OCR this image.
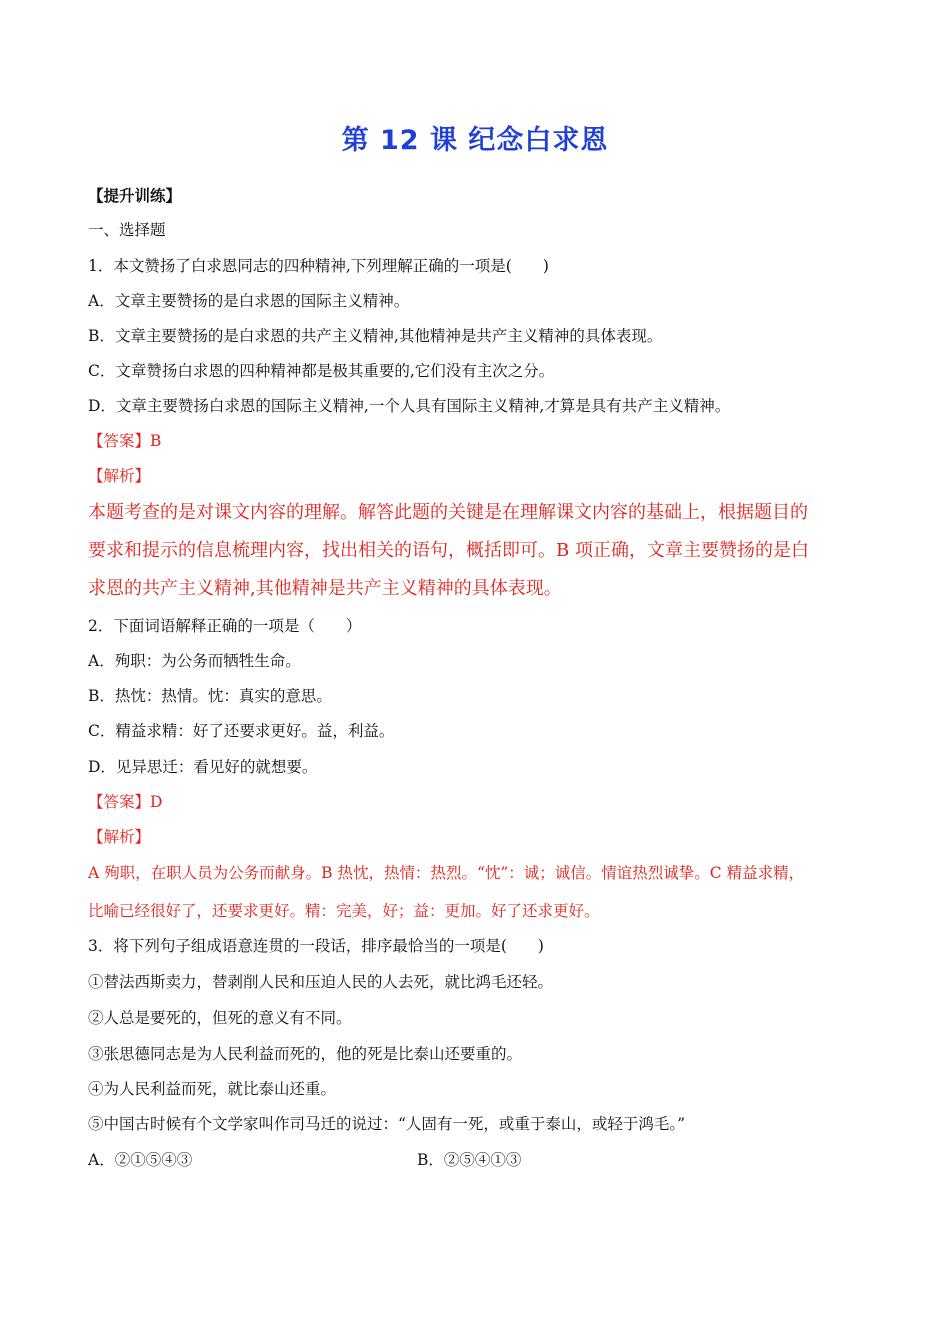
第 12 课 纪念白求恩
【提升训练】
一、选择题
1．本文赞扬了白求恩同志的四种精神,下列理解正确的一项是(　　)
A．文章主要赞扬的是白求恩的国际主义精神。
B．文章主要赞扬的是白求恩的共产主义精神,其他精神是共产主义精神的具体表现。
C．文章赞扬白求恩的四种精神都是极其重要的,它们没有主次之分。
D．文章主要赞扬白求恩的国际主义精神,一个人具有国际主义精神,才算是具有共产主义精神。
【答案】B
【解析】

本题考查的是对课文内容的理解。解答此题的关键是在理解课文内容的基础上，根据题目的

要求和提示的信息梳理内容，找出相关的语句，概括即可。B 项正确，文章主要赞扬的是白

求恩的共产主义精神,其他精神是共产主义精神的具体表现。

2．下面词语解释正确的一项是（　　）
A．殉职：为公务而牺牲生命。
B．热忱：热情。忱：真实的意思。
C．精益求精：好了还要求更好。益，利益。
D．见异思迁：看见好的就想要。
【答案】D
【解析】

A 殉职，在职人员为公务而献身。B 热忱，热情：热烈。“忱”：诚；诚信。情谊热烈诚挚。C 精益求精，

比喻已经很好了，还要求更好。精：完美，好；益：更加。好了还求更好。

3．将下列句子组成语意连贯的一段话，排序最恰当的一项是(　　)
①替法西斯卖力，替剥削人民和压迫人民的人去死，就比鸿毛还轻。
②人总是要死的，但死的意义有不同。
③张思德同志是为人民利益而死的，他的死是比泰山还要重的。
④为人民利益而死，就比泰山还重。
⑤中国古时候有个文学家叫作司马迁的说过：“人固有一死，或重于泰山，或轻于鸿毛。”
A．②①⑤④③	B．②⑤④①③
